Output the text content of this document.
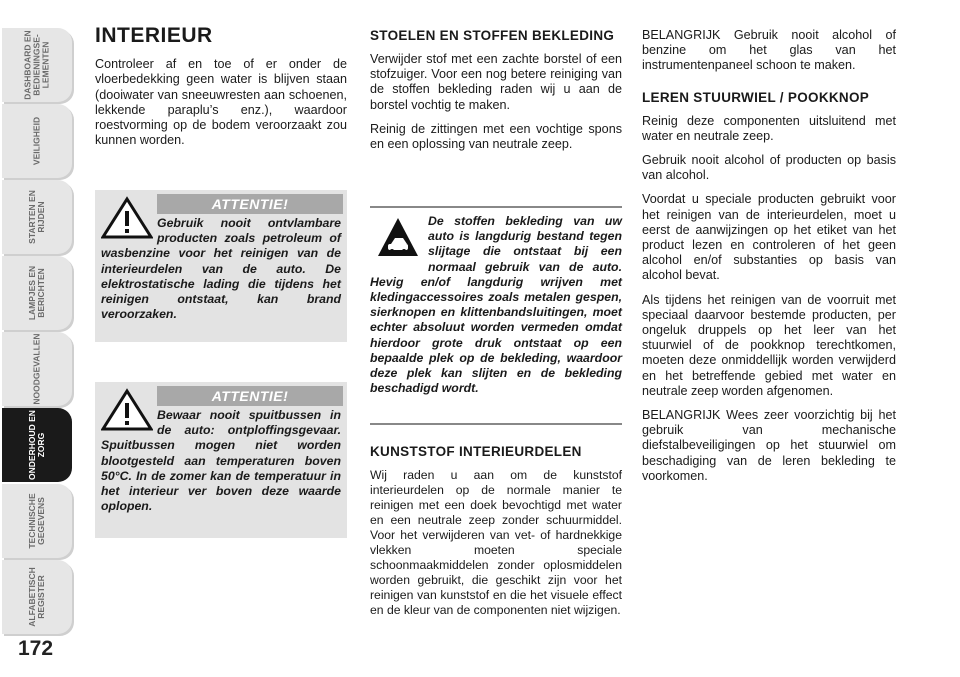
DASHBOARD EN
BEDIENINGSE-
LEMENTEN
VEILIGHEID
STARTEN EN
RIJDEN
LAMPJES EN
BERICHTEN
NOODGEVALLEN
ONDERHOUD EN
ZORG
TECHNISCHE
GEGEVENS
ALFABETISCH
REGISTER
172
INTERIEUR

Controleer af en toe of er onder de vloerbedekking geen water is blijven staan (dooiwater van sneeuwresten aan schoenen, lekkende paraplu’s enz.), waardoor roestvorming op de bodem veroorzaakt zou kunnen worden.

ATTENTIE!
Gebruik nooit ontvlambare producten zoals petroleum of wasbenzine voor het reinigen van de interieurdelen van de auto. De elektrostatische lading die tijdens het reinigen ontstaat, kan brand veroorzaken.
ATTENTIE!
Bewaar nooit spuitbussen in de auto: ontploffingsgevaar. Spuitbussen mogen niet worden blootgesteld aan temperaturen boven 50°C. In de zomer kan de temperatuur in het interieur ver boven deze waarde oplopen.
STOELEN EN STOFFEN BEKLEDING

Verwijder stof met een zachte borstel of een stofzuiger. Voor een nog betere reiniging van de stoffen bekleding raden wij u aan de borstel vochtig te maken.

Reinig de zittingen met een vochtige spons en een oplossing van neutrale zeep.

De stoffen bekleding van uw auto is langdurig bestand tegen slijtage die ontstaat bij een normaal gebruik van de auto. Hevig en/of langdurig wrijven met kledingaccessoires zoals metalen gespen, sierknopen en klittenbandsluitingen, moet echter absoluut worden vermeden omdat hierdoor grote druk ontstaat op een bepaalde plek op de bekleding, waardoor deze plek kan slijten en de bekleding beschadigd wordt.
KUNSTSTOF INTERIEURDELEN

Wij raden u aan om de kunststof interieurdelen op de normale manier te reinigen met een doek bevochtigd met water en een neutrale zeep zonder schuurmiddel. Voor het verwijderen van vet- of hardnekkige vlekken moeten speciale schoonmaakmiddelen zonder oplosmiddelen worden gebruikt, die geschikt zijn voor het reinigen van kunststof en die het visuele effect en de kleur van de componenten niet wijzigen.

BELANGRIJK Gebruik nooit alcohol of benzine om het glas van het instrumentenpaneel schoon te maken.

LEREN STUURWIEL / POOKKNOP

Reinig deze componenten uitsluitend met water en neutrale zeep.

Gebruik nooit alcohol of producten op basis van alcohol.

Voordat u speciale producten gebruikt voor het reinigen van de interieurdelen, moet u eerst de aanwijzingen op het etiket van het product lezen en controleren of het geen alcohol en/of substanties op basis van alcohol bevat.

Als tijdens het reinigen van de voorruit met speciaal daarvoor bestemde producten, per ongeluk druppels op het leer van het stuurwiel of de pookknop terechtkomen, moeten deze onmiddellijk worden verwijderd en het betreffende gebied met water en neutrale zeep worden afgenomen.

BELANGRIJK Wees zeer voorzichtig bij het gebruik van mechanische diefstalbeveiligingen op het stuurwiel om beschadiging van de leren bekleding te voorkomen.
